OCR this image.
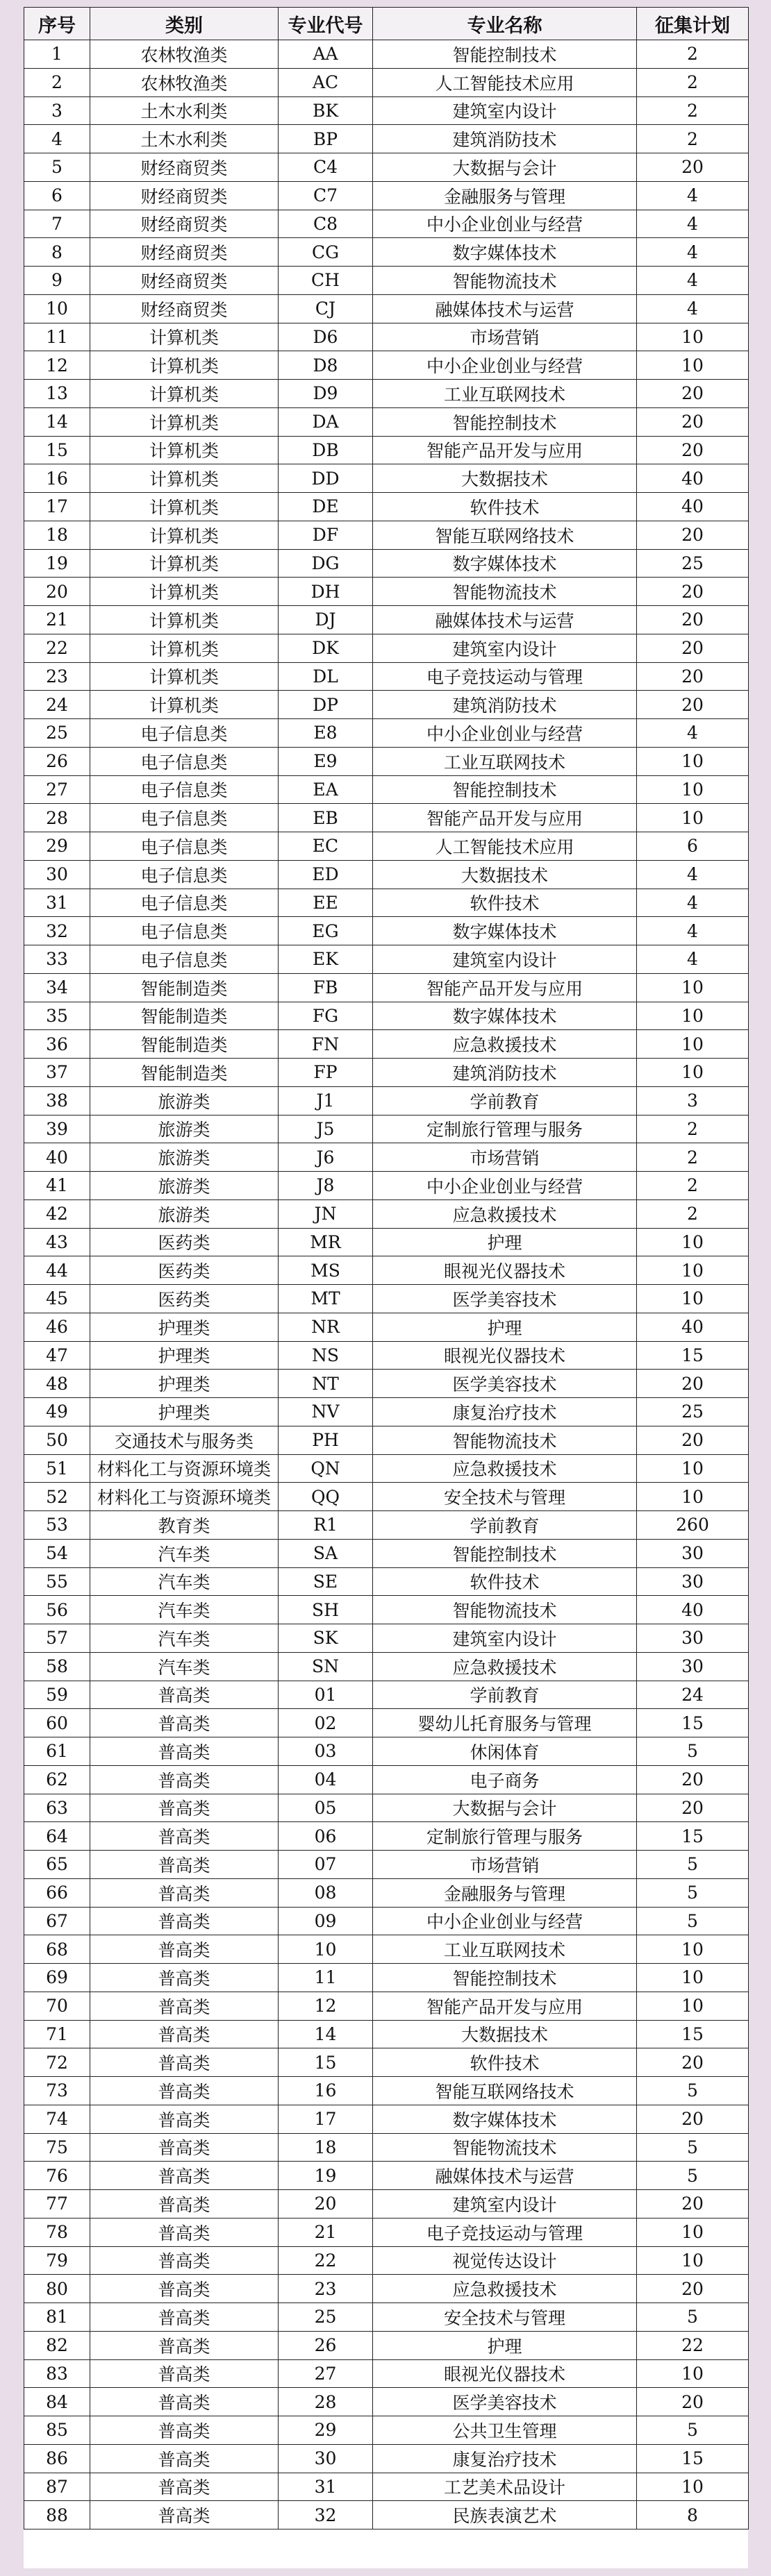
序号	类别	专业代号	专业名称	征集计划
1	农林牧渔类	AA	智能控制技术	2
2	农林牧渔类	AC	人工智能技术应用	2
3	土木水利类	BK	建筑室内设计	2
4	土木水利类	BP	建筑消防技术	2
5	财经商贸类	C4	大数据与会计	20
6	财经商贸类	C7	金融服务与管理	4
7	财经商贸类	C8	中小企业创业与经营	4
8	财经商贸类	CG	数字媒体技术	4
9	财经商贸类	CH	智能物流技术	4
10	财经商贸类	CJ	融媒体技术与运营	4
11	计算机类	D6	市场营销	10
12	计算机类	D8	中小企业创业与经营	10
13	计算机类	D9	工业互联网技术	20
14	计算机类	DA	智能控制技术	20
15	计算机类	DB	智能产品开发与应用	20
16	计算机类	DD	大数据技术	40
17	计算机类	DE	软件技术	40
18	计算机类	DF	智能互联网络技术	20
19	计算机类	DG	数字媒体技术	25
20	计算机类	DH	智能物流技术	20
21	计算机类	DJ	融媒体技术与运营	20
22	计算机类	DK	建筑室内设计	20
23	计算机类	DL	电子竞技运动与管理	20
24	计算机类	DP	建筑消防技术	20
25	电子信息类	E8	中小企业创业与经营	4
26	电子信息类	E9	工业互联网技术	10
27	电子信息类	EA	智能控制技术	10
28	电子信息类	EB	智能产品开发与应用	10
29	电子信息类	EC	人工智能技术应用	6
30	电子信息类	ED	大数据技术	4
31	电子信息类	EE	软件技术	4
32	电子信息类	EG	数字媒体技术	4
33	电子信息类	EK	建筑室内设计	4
34	智能制造类	FB	智能产品开发与应用	10
35	智能制造类	FG	数字媒体技术	10
36	智能制造类	FN	应急救援技术	10
37	智能制造类	FP	建筑消防技术	10
38	旅游类	J1	学前教育	3
39	旅游类	J5	定制旅行管理与服务	2
40	旅游类	J6	市场营销	2
41	旅游类	J8	中小企业创业与经营	2
42	旅游类	JN	应急救援技术	2
43	医药类	MR	护理	10
44	医药类	MS	眼视光仪器技术	10
45	医药类	MT	医学美容技术	10
46	护理类	NR	护理	40
47	护理类	NS	眼视光仪器技术	15
48	护理类	NT	医学美容技术	20
49	护理类	NV	康复治疗技术	25
50	交通技术与服务类	PH	智能物流技术	20
51	材料化工与资源环境类	QN	应急救援技术	10
52	材料化工与资源环境类	QQ	安全技术与管理	10
53	教育类	R1	学前教育	260
54	汽车类	SA	智能控制技术	30
55	汽车类	SE	软件技术	30
56	汽车类	SH	智能物流技术	40
57	汽车类	SK	建筑室内设计	30
58	汽车类	SN	应急救援技术	30
59	普高类	01	学前教育	24
60	普高类	02	婴幼儿托育服务与管理	15
61	普高类	03	休闲体育	5
62	普高类	04	电子商务	20
63	普高类	05	大数据与会计	20
64	普高类	06	定制旅行管理与服务	15
65	普高类	07	市场营销	5
66	普高类	08	金融服务与管理	5
67	普高类	09	中小企业创业与经营	5
68	普高类	10	工业互联网技术	10
69	普高类	11	智能控制技术	10
70	普高类	12	智能产品开发与应用	10
71	普高类	14	大数据技术	15
72	普高类	15	软件技术	20
73	普高类	16	智能互联网络技术	5
74	普高类	17	数字媒体技术	20
75	普高类	18	智能物流技术	5
76	普高类	19	融媒体技术与运营	5
77	普高类	20	建筑室内设计	20
78	普高类	21	电子竞技运动与管理	10
79	普高类	22	视觉传达设计	10
80	普高类	23	应急救援技术	20
81	普高类	25	安全技术与管理	5
82	普高类	26	护理	22
83	普高类	27	眼视光仪器技术	10
84	普高类	28	医学美容技术	20
85	普高类	29	公共卫生管理	5
86	普高类	30	康复治疗技术	15
87	普高类	31	工艺美术品设计	10
88	普高类	32	民族表演艺术	8
